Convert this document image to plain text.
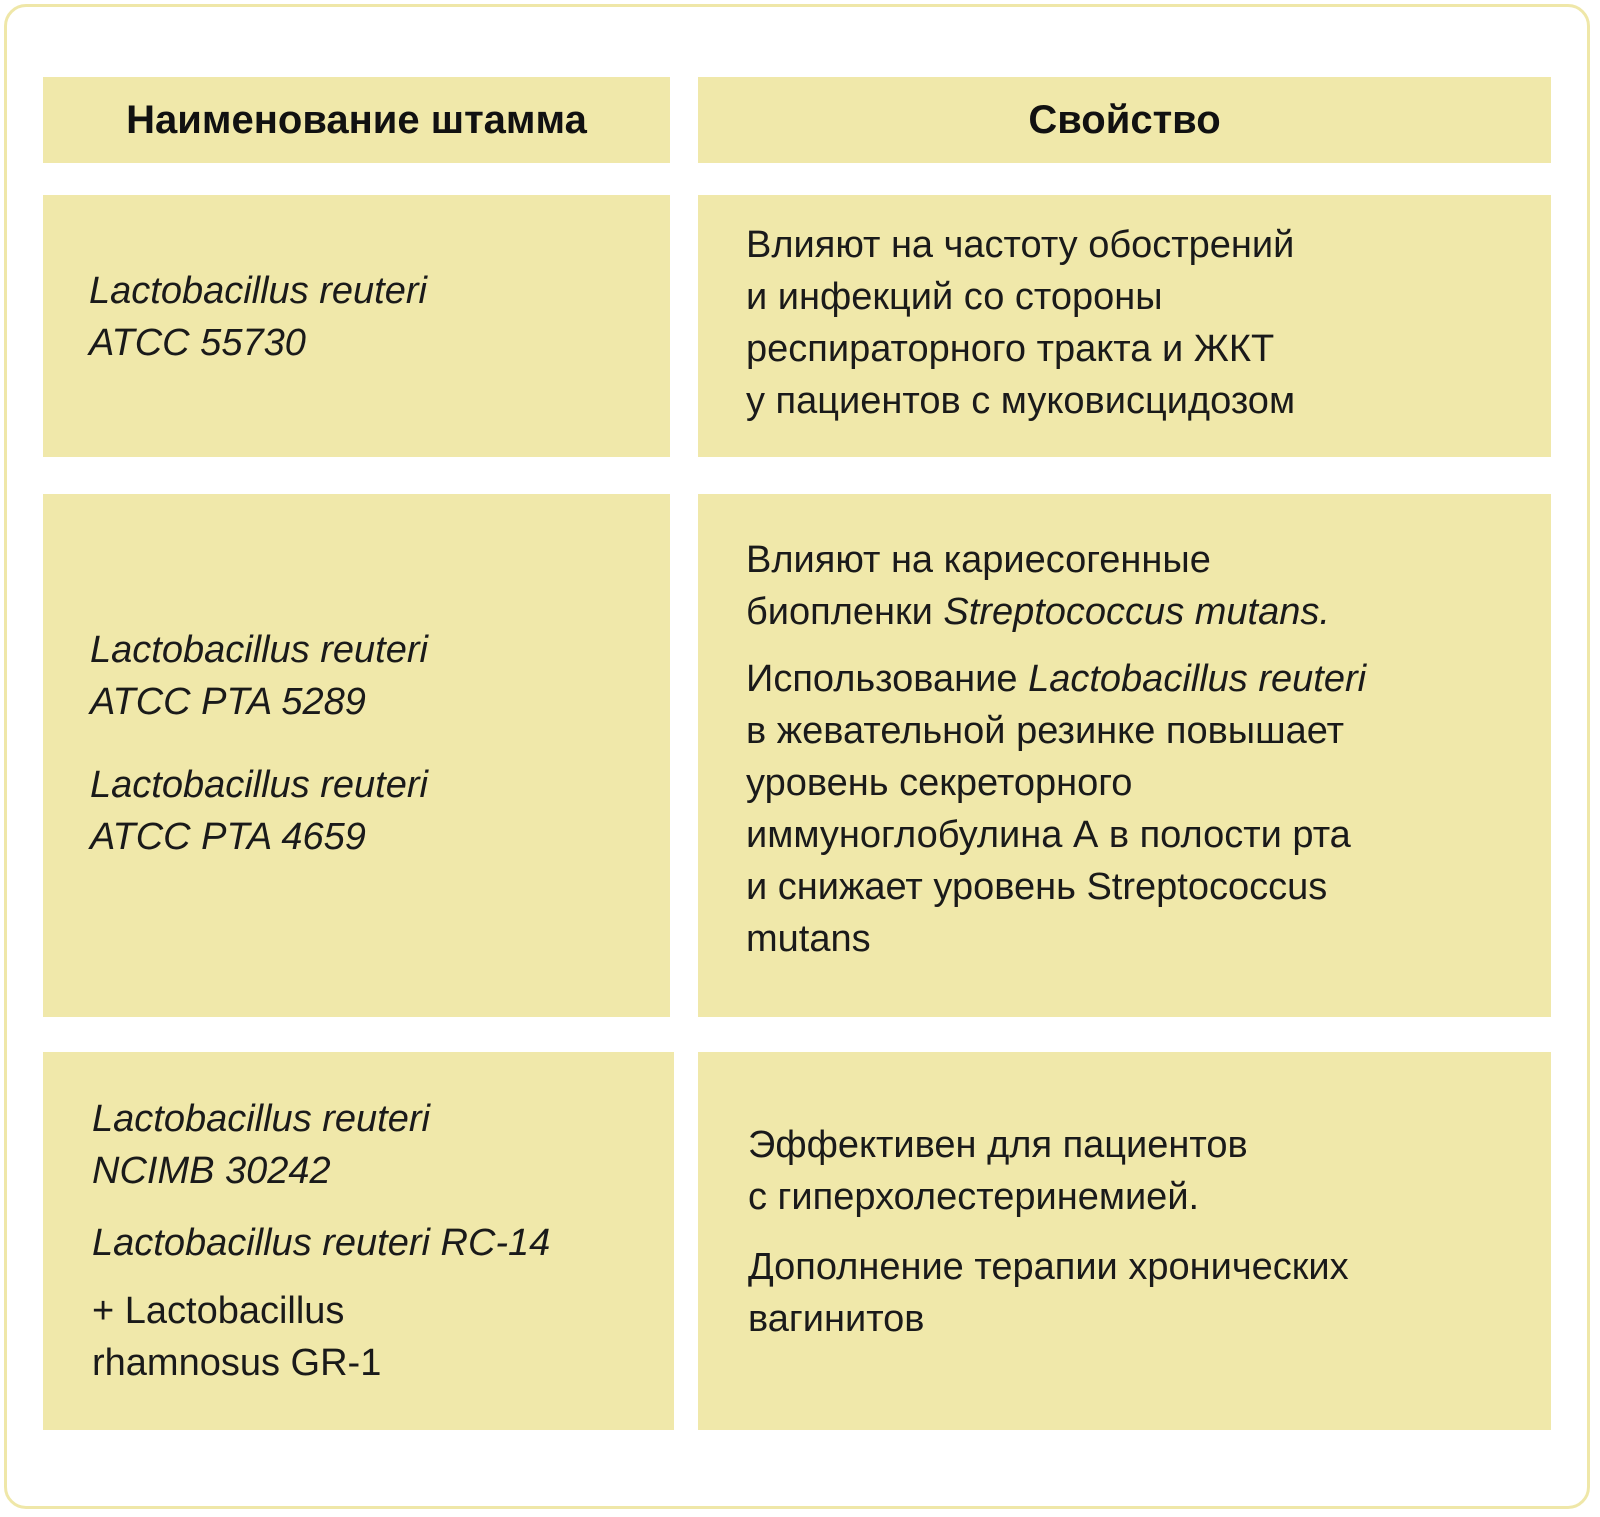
Наименование штамма	Свойство

Lactobacillus reuteri
ATCC 55730

Влияют на частоту обострений
и инфекций со стороны
респираторного тракта и ЖКТ
у пациентов с муковисцидозом

Lactobacillus reuteri
ATCC PTA 5289

Lactobacillus reuteri
ATCC PTA 4659

Влияют на кариесогенные
биопленки Streptococcus mutans.

Использование Lactobacillus reuteri
в жевательной резинке повышает
уровень секреторного
иммуноглобулина А в полости рта
и снижает уровень Streptococcus
mutans

Lactobacillus reuteri
NCIMB 30242

Lactobacillus reuteri RC-14

+ Lactobacillus
rhamnosus GR-1

Эффективен для пациентов
с гиперхолестеринемией.

Дополнение терапии хронических
вагинитов
